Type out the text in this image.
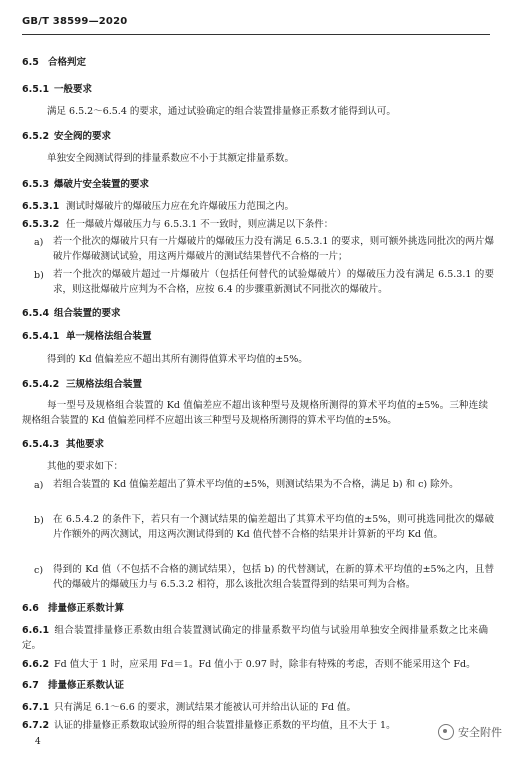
GB/T 38599—2020
6.5 合格判定
6.5.1 一般要求
满足 6.5.2～6.5.4 的要求，通过试验确定的组合装置排量修正系数才能得到认可。
6.5.2 安全阀的要求
单独安全阀测试得到的排量系数应不小于其额定排量系数。
6.5.3 爆破片安全装置的要求
6.5.3.1 测试时爆破片的爆破压力应在允许爆破压力范围之内。
6.5.3.2 任一爆破片爆破压力与 6.5.3.1 不一致时，则应满足以下条件：
a) 若一个批次的爆破片只有一片爆破片的爆破压力没有满足 6.5.3.1 的要求，则可额外挑选同批次的两片爆破片作爆破测试试验，用这两片爆破片的测试结果替代不合格的一片；
b) 若一个批次的爆破片超过一片爆破片（包括任何替代的试验爆破片）的爆破压力没有满足 6.5.3.1 的要求，则这批爆破片应判为不合格，应按 6.4 的步骤重新测试不同批次的爆破片。
6.5.4 组合装置的要求
6.5.4.1 单一规格法组合装置
得到的 Kd 值偏差应不超出其所有测得值算术平均值的±5%。
6.5.4.2 三规格法组合装置
每一型号及规格组合装置的 Kd 值偏差应不超出该种型号及规格所测得的算术平均值的±5%。三种连续规格组合装置的 Kd 值偏差同样不应超出该三种型号及规格所测得的算术平均值的±5%。
6.5.4.3 其他要求
其他的要求如下：
a) 若组合装置的 Kd 值偏差超出了算术平均值的±5%，则测试结果为不合格，满足 b) 和 c) 除外。
b) 在 6.5.4.2 的条件下，若只有一个测试结果的偏差超出了其算术平均值的±5%，则可挑选同批次的爆破片作额外的两次测试，用这两次测试得到的 Kd 值代替不合格的结果并计算新的平均 Kd 值。
c) 得到的 Kd 值（不包括不合格的测试结果），包括 b) 的代替测试，在新的算术平均值的±5%之内，且替代的爆破片的爆破压力与 6.5.3.2 相符，那么该批次组合装置得到的结果可判为合格。
6.6 排量修正系数计算
6.6.1 组合装置排量修正系数由组合装置测试确定的排量系数平均值与试验用单独安全阀排量系数之比来确定。
6.6.2 Fd 值大于 1 时，应采用 Fd＝1。Fd 值小于 0.97 时，除非有特殊的考虑，否则不能采用这个 Fd。
6.7 排量修正系数认证
6.7.1 只有满足 6.1～6.6 的要求，测试结果才能被认可并给出认证的 Fd 值。
6.7.2 认证的排量修正系数取试验所得的组合装置排量修正系数的平均值，且不大于 1。
4
安全附件
